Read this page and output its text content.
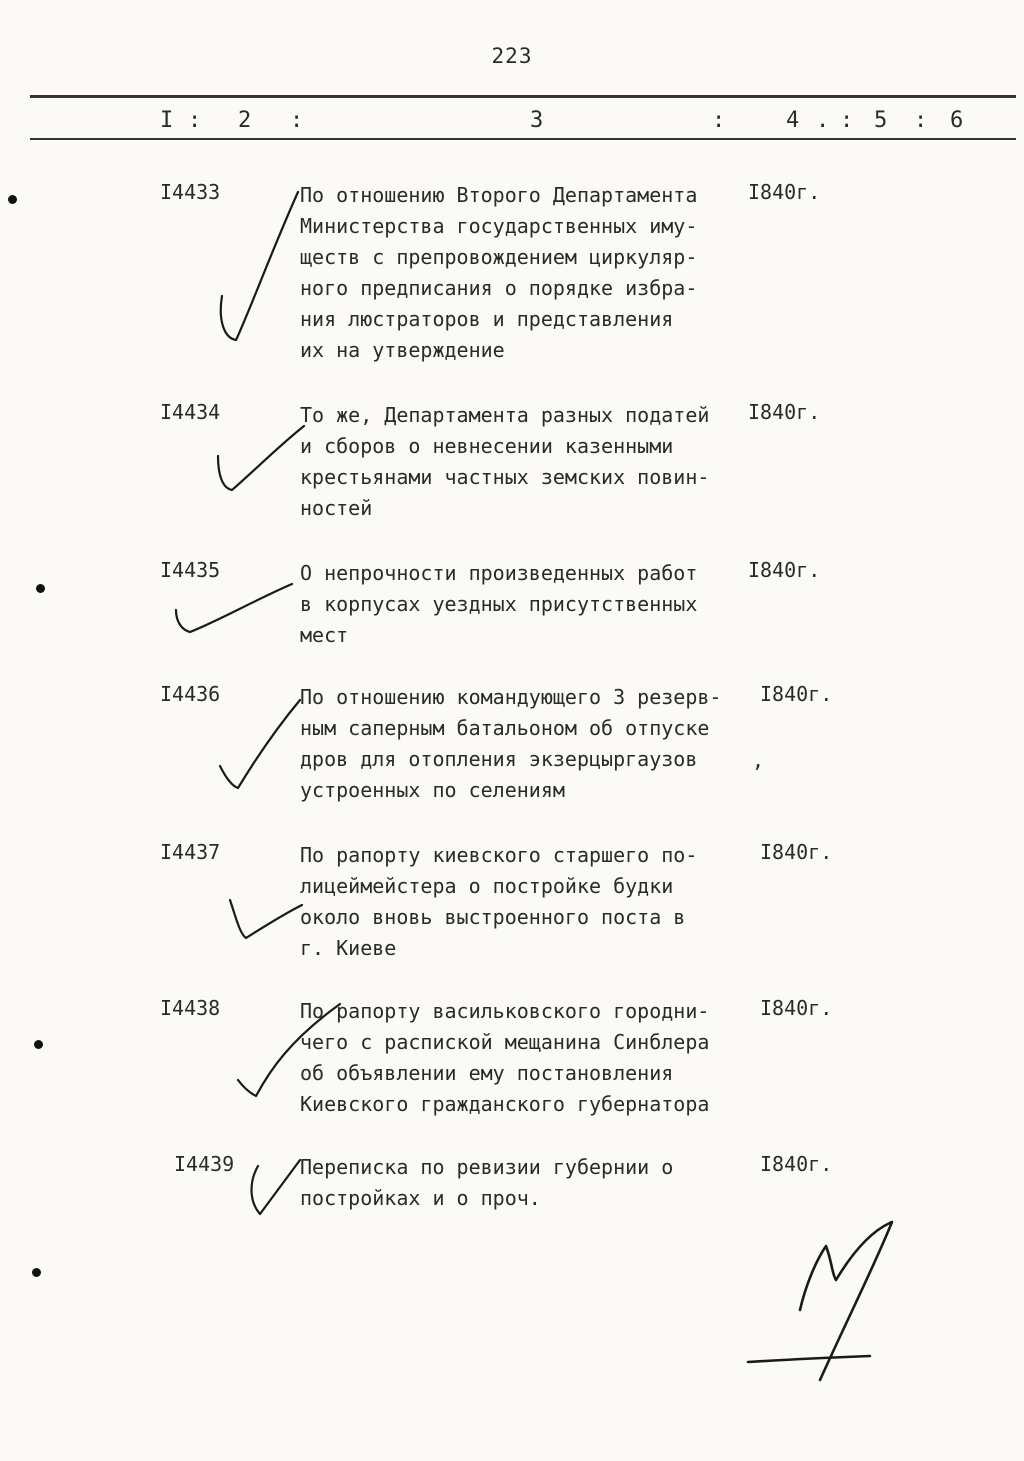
223
I : 2 :	3	:	4 . : 5 : 6
I4433	По отношению Второго Департамента
Министерства государственных иму-
ществ с препровождением циркуляр-
ного предписания о порядке избра-
ния люстраторов и представления
их на утверждение
I840г.
I4434	То же, Департамента разных податей
и сборов о невнесении казенными
крестьянами частных земских повин-
ностей
I840г.
I4435	О непрочности произведенных работ
в корпусах уездных присутственных
мест
I840г.
I4436	По отношению командующего 3 резерв-
ным саперным батальоном об отпуске
дров для отопления экзерцыргаузов
устроенных по селениям
I840г.
,
I4437	По рапорту киевского старшего по-
лицеймейстера о постройке будки
около вновь выстроенного поста в
г. Киеве
I840г.
I4438	По рапорту васильковского городни-
чего с распиской мещанина Синблера
об объявлении ему постановления
Киевского гражданского губернатора
I840г.
I4439	Переписка по ревизии губернии о
постройках и о проч.
I840г.
